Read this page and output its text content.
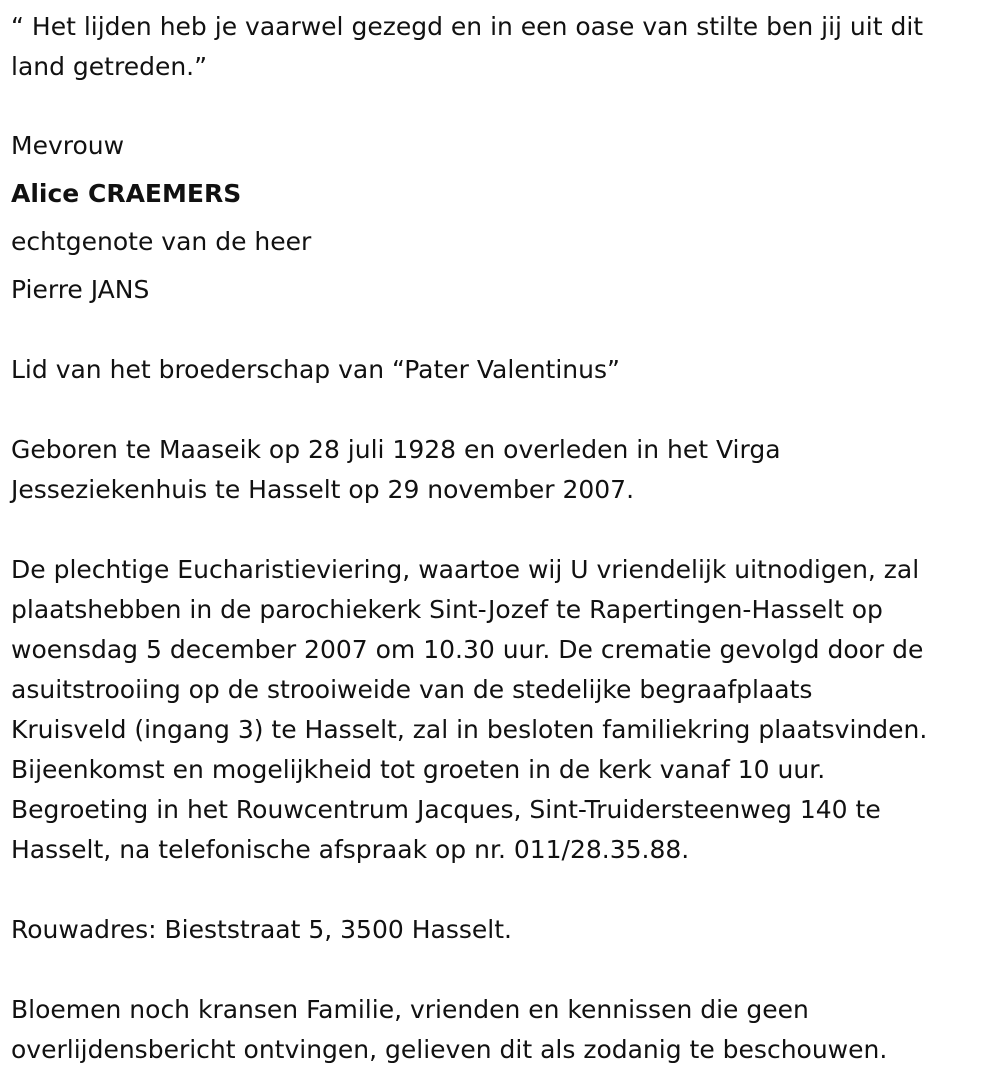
“ Het lijden heb je vaarwel gezegd en in een oase van stilte ben jij uit dit

land getreden.”

Mevrouw

Alice CRAEMERS

echtgenote van de heer

Pierre JANS

Lid van het broederschap van “Pater Valentinus”

Geboren te Maaseik op 28 juli 1928 en overleden in het Virga

Jesseziekenhuis te Hasselt op 29 november 2007.

De plechtige Eucharistieviering, waartoe wij U vriendelijk uitnodigen, zal

plaatshebben in de parochiekerk Sint-Jozef te Rapertingen-Hasselt op

woensdag 5 december 2007 om 10.30 uur. De crematie gevolgd door de

asuitstrooiing op de strooiweide van de stedelijke begraafplaats

Kruisveld (ingang 3) te Hasselt, zal in besloten familiekring plaatsvinden.

Bijeenkomst en mogelijkheid tot groeten in de kerk vanaf 10 uur.

Begroeting in het Rouwcentrum Jacques, Sint-Truidersteenweg 140 te

Hasselt, na telefonische afspraak op nr. 011/28.35.88.

Rouwadres: Bieststraat 5, 3500 Hasselt.

Bloemen noch kransen Familie, vrienden en kennissen die geen

overlijdensbericht ontvingen, gelieven dit als zodanig te beschouwen.
